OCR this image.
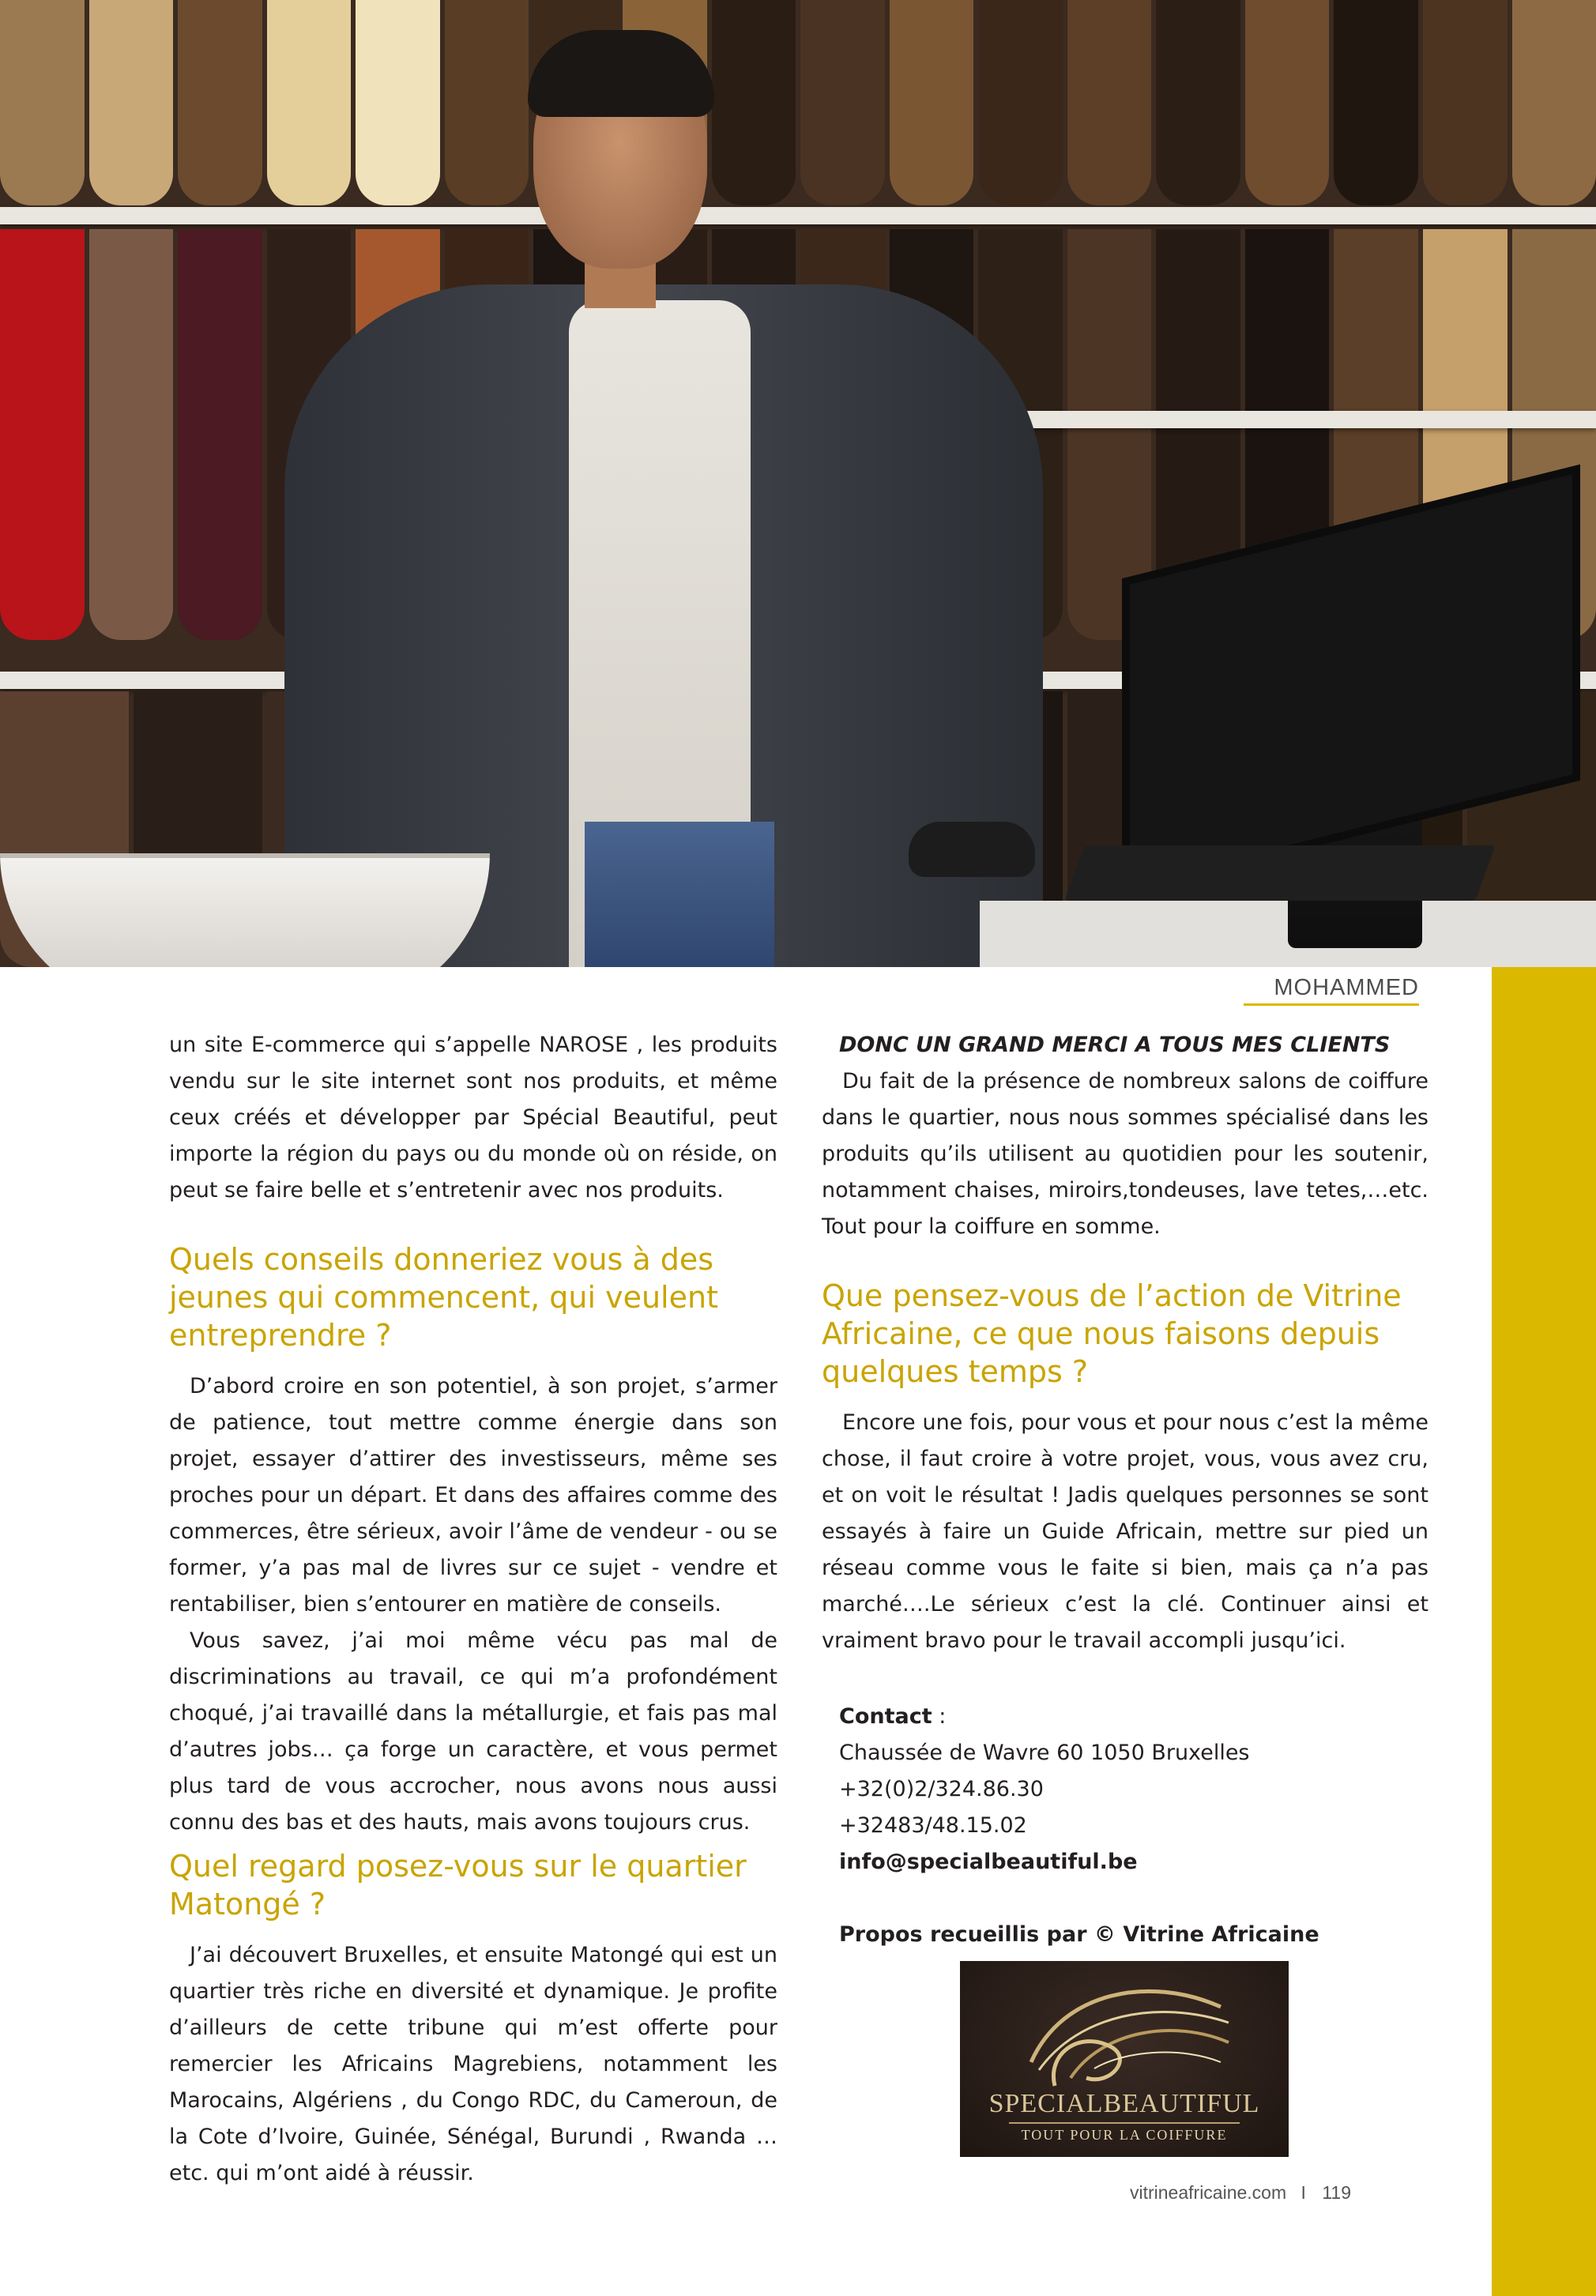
MOHAMMED

un site E-commerce qui s’appelle NAROSE , les produits vendu sur le site internet sont nos produits, et même ceux créés et développer par Spécial Beautiful, peut importe la région du pays ou du monde où on réside, on peut se faire belle et s’entretenir avec nos produits.

Quels conseils donneriez vous à des jeunes qui commencent, qui veulent entreprendre ?

D’abord croire en son potentiel, à son projet, s’armer de patience, tout mettre comme énergie dans son projet, essayer d’attirer des investisseurs, même ses proches pour un départ. Et dans des affaires comme des commerces, être sérieux, avoir l’âme de vendeur - ou se former, y’a pas mal de livres sur ce sujet - vendre et rentabiliser, bien s’entourer en matière de conseils.

Vous savez, j’ai moi même vécu pas mal de discriminations au travail, ce qui m’a profondément choqué, j’ai travaillé dans la métallurgie, et fais pas mal d’autres jobs… ça forge un caractère, et vous permet plus tard de vous accrocher, nous avons nous aussi connu des bas et des hauts, mais avons toujours crus.

Quel regard posez-vous sur le quartier Matongé ?

J’ai découvert Bruxelles, et ensuite Matongé qui est un quartier très riche en diversité et dynamique. Je profite d’ailleurs de cette tribune qui m’est offerte pour remercier les Africains Magrebiens, notamment les Marocains, Algériens , du Congo RDC, du Cameroun, de la Cote d’Ivoire, Guinée, Sénégal, Burundi , Rwanda …etc. qui m’ont aidé à réussir.

DONC UN GRAND MERCI A TOUS MES CLIENTS

Du fait de la présence de nombreux salons de coiffure dans le quartier, nous nous sommes spécialisé dans les produits qu’ils utilisent au quotidien pour les soutenir, notamment chaises, miroirs,tondeuses, lave tetes,…etc. Tout pour la coiffure en somme.

Que pensez-vous de l’action de Vitrine Africaine, ce que nous faisons depuis quelques temps ?

Encore une fois, pour vous et pour nous c’est la même chose, il faut croire à votre projet, vous, vous avez cru, et on voit le résultat ! Jadis quelques personnes se sont essayés à faire un Guide Africain, mettre sur pied un réseau comme vous le faite si bien, mais ça n’a pas marché….Le sérieux c’est la clé. Continuer ainsi et vraiment bravo pour le travail accompli jusqu’ici.

Contact :
Chaussée de Wavre 60 1050 Bruxelles
+32(0)2/324.86.30
+32483/48.15.02
info@specialbeautiful.be
Propos recueillis par © Vitrine Africaine
SPECIALBEAUTIFUL
TOUT POUR LA COIFFURE
vitrineafricaine.com I 119
